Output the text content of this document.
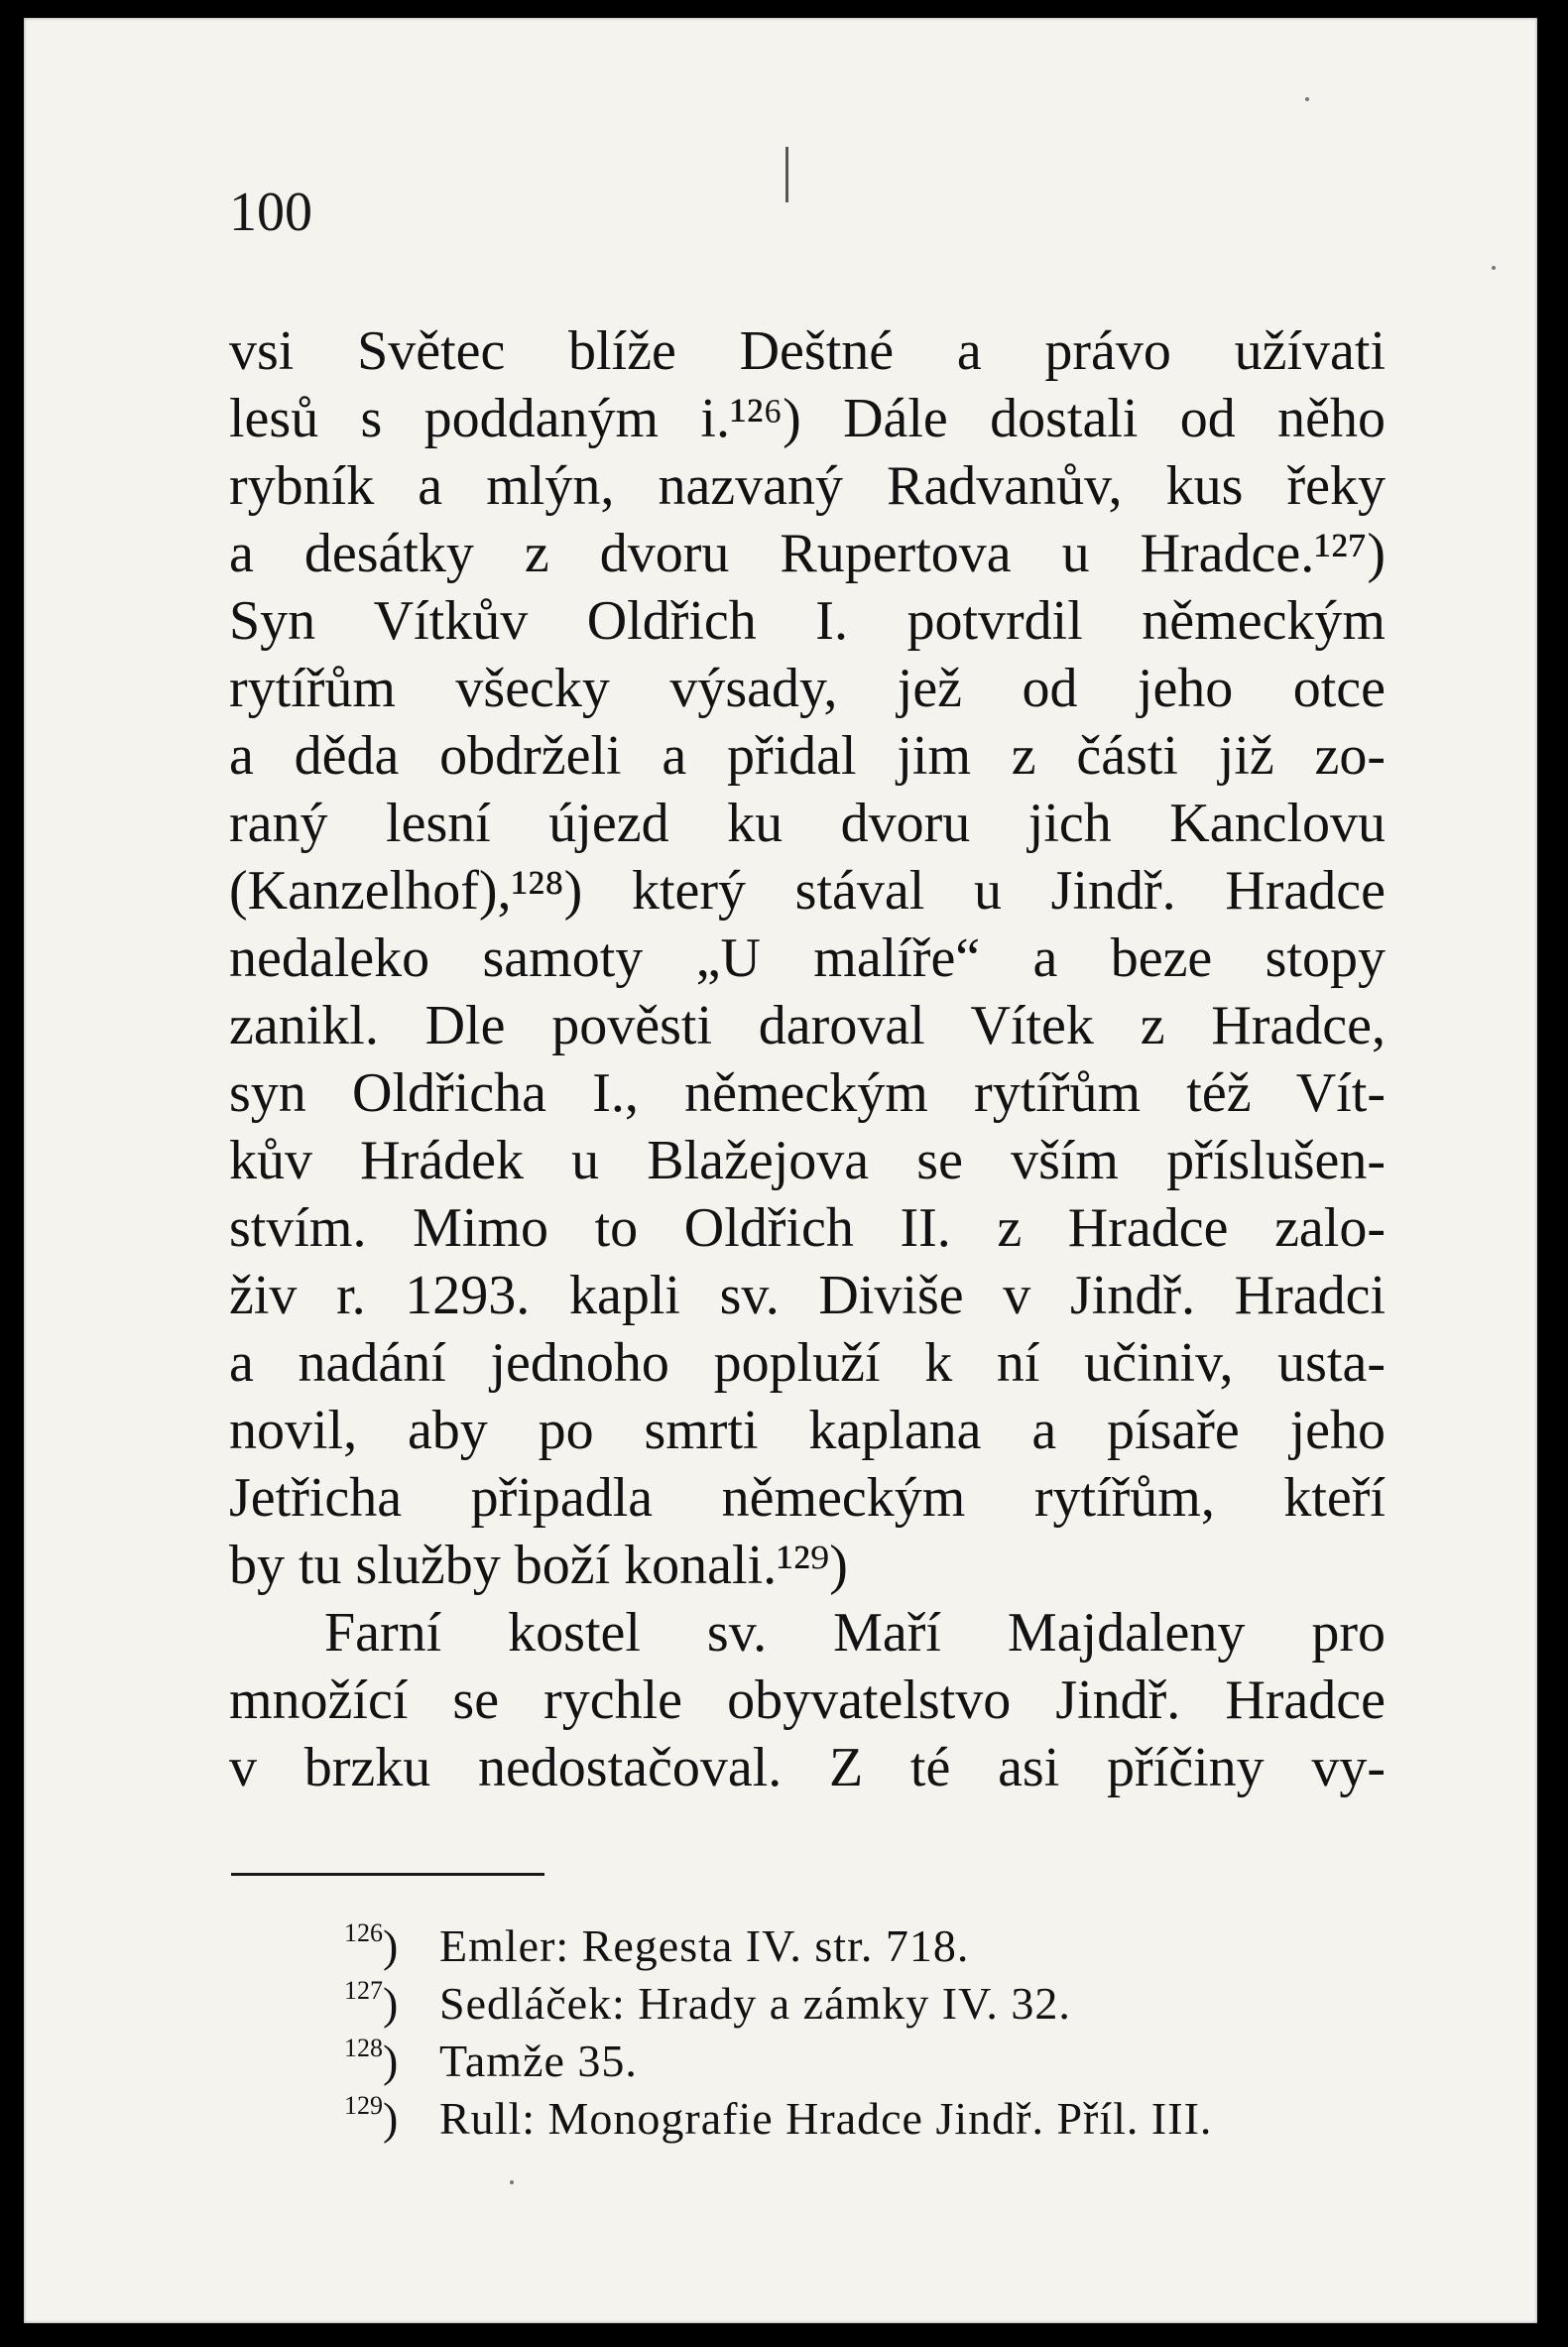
100
vsi Světec blíže Deštné a právo užívati
lesů s poddaným i.¹²⁶) Dále dostali od něho
rybník a mlýn, nazvaný Radvanův, kus řeky
a desátky z dvoru Rupertova u Hradce.¹²⁷)
Syn Vítkův Oldřich I. potvrdil německým
rytířům všecky výsady, jež od jeho otce
a děda obdrželi a přidal jim z části již zo-
raný lesní újezd ku dvoru jich Kanclovu
(Kanzelhof),¹²⁸) který stával u Jindř. Hradce
nedaleko samoty „U malíře“ a beze stopy
zanikl. Dle pověsti daroval Vítek z Hradce,
syn Oldřicha I., německým rytířům též Vít-
kův Hrádek u Blažejova se vším příslušen-
stvím. Mimo to Oldřich II. z Hradce zalo-
živ r. 1293. kapli sv. Diviše v Jindř. Hradci
a nadání jednoho popluží k ní učiniv, usta-
novil, aby po smrti kaplana a písaře jeho
Jetřicha připadla německým rytířům, kteří
by tu služby boží konali.¹²⁹)
Farní kostel sv. Maří Majdaleny pro
množící se rychle obyvatelstvo Jindř. Hradce
v brzku nedostačoval. Z té asi příčiny vy-
$^{126}$) Emler: Regesta IV. str. 718.
$^{127}$) Sedláček: Hrady a zámky IV. 32.
$^{128}$) Tamže 35.
$^{129}$) Rull: Monografie Hradce Jindř. Příl. III.
